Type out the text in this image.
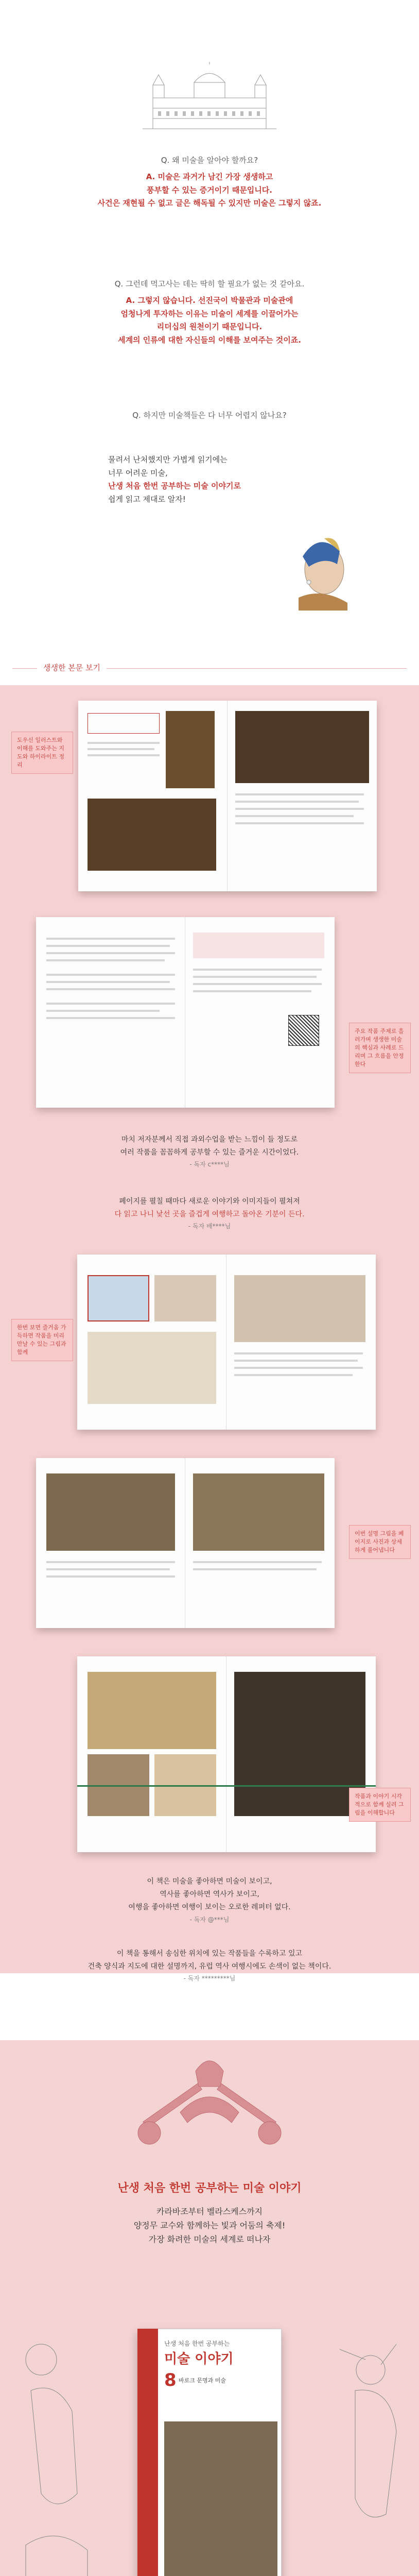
Q. 왜 미술을 알아야 할까요?
A. 미술은 과거가 남긴 가장 생생하고
풍부할 수 있는 증거이기 때문입니다.
사건은 재현될 수 없고 글은 해독될 수 있지만 미술은 그렇지 않죠.
Q. 그런데 먹고사는 데는 딱히 할 필요가 없는 것 같아요.
A. 그렇지 않습니다. 선진국이 박물관과 미술관에
엄청나게 투자하는 이유는 미술이 세계를 이끌어가는
리더십의 원천이기 때문입니다.
세계의 인류에 대한 자신들의 이해를 보여주는 것이죠.
Q. 하지만 미술책들은 다 너무 어렵지 않나요?
물려서 난처했지만 가볍게 읽기에는
너무 어려운 미술,
난생 처음 한번 공부하는 미술 이야기로
쉽게 읽고 제대로 알자!
생생한 본문 보기
도우신 일러스트와 이해를 도와주는 지도와 하이라이트 정리
주요 작품 주제로 흘러가며 생생한 미술의 핵심과 사례로 드리며 그 흐름을 안정한다
마치 저자분께서 직접 과외수업을 받는 느낌이 들 정도로
여러 작품을 꼼꼼하게 공부할 수 있는 즐거운 시간이었다.
- 독자 c****님
페이지를 펼칠 때마다 새로운 이야기와 이미지들이 펼쳐져
다 읽고 나니 낯선 곳을 즐겁게 여행하고 돌아온 기분이 든다.
- 독자 배****님
한번 보면 즐거움 가득하면 작품을 미리 만날 수 있는 그림과 함께
이번 설명 그림을 페이지로 사진과 상세하게 풀어냅니다
작품과 이야기 시각적으로 함께 실려 그림을 이해합니다
이 책은 미술을 좋아하면 미술이 보이고,
역사를 좋아하면 역사가 보이고,
여행을 좋아하면 여행이 보이는 오로한 레퍼터 없다.
- 독자 @***님
이 책을 통해서 송심한 위치에 있는 작품들을 수록하고 있고
건축 양식과 지도에 대한 설명까지, 유럽 역사 여행시에도 손색이 없는 책이다.
- 독자 *********님
난생 처음 한번 공부하는 미술 이야기
카라바조부터 벨라스케스까지
양정무 교수와 함께하는 빛과 어둠의 축제!
가장 화려한 미술의 세계로 떠나자
난생 처음 한번 공부하는
미술 이야기
8 바로크 문명과 미술
